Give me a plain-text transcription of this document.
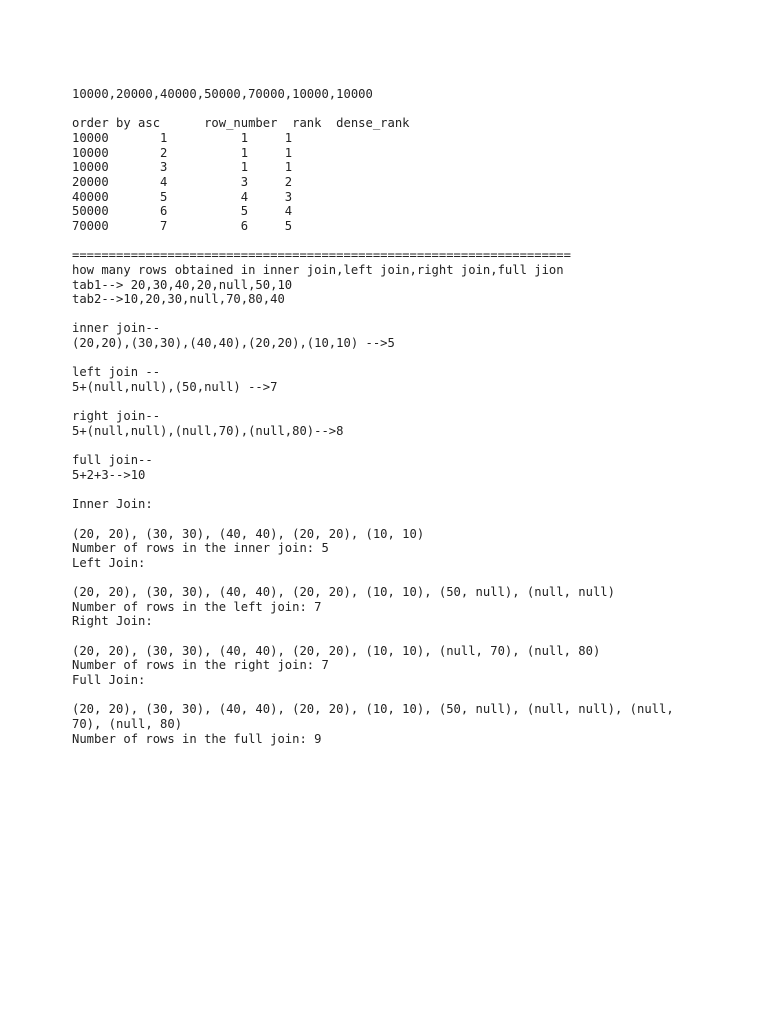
10000,20000,40000,50000,70000,10000,10000
order by asc      row_number  rank  dense_rank
10000       1          1     1
10000       2          1     1
10000       3          1     1
20000       4          3     2
40000       5          4     3
50000       6          5     4
70000       7          6     5
====================================================================
how many rows obtained in inner join,left join,right join,full jion
tab1--> 20,30,40,20,null,50,10
tab2-->10,20,30,null,70,80,40
inner join--
(20,20),(30,30),(40,40),(20,20),(10,10) -->5
left join --
5+(null,null),(50,null) -->7
right join--
5+(null,null),(null,70),(null,80)-->8
full join--
5+2+3-->10
Inner Join:
(20, 20), (30, 30), (40, 40), (20, 20), (10, 10)
Number of rows in the inner join: 5
Left Join:
(20, 20), (30, 30), (40, 40), (20, 20), (10, 10), (50, null), (null, null)
Number of rows in the left join: 7
Right Join:
(20, 20), (30, 30), (40, 40), (20, 20), (10, 10), (null, 70), (null, 80)
Number of rows in the right join: 7
Full Join:
(20, 20), (30, 30), (40, 40), (20, 20), (10, 10), (50, null), (null, null), (null,
70), (null, 80)
Number of rows in the full join: 9
